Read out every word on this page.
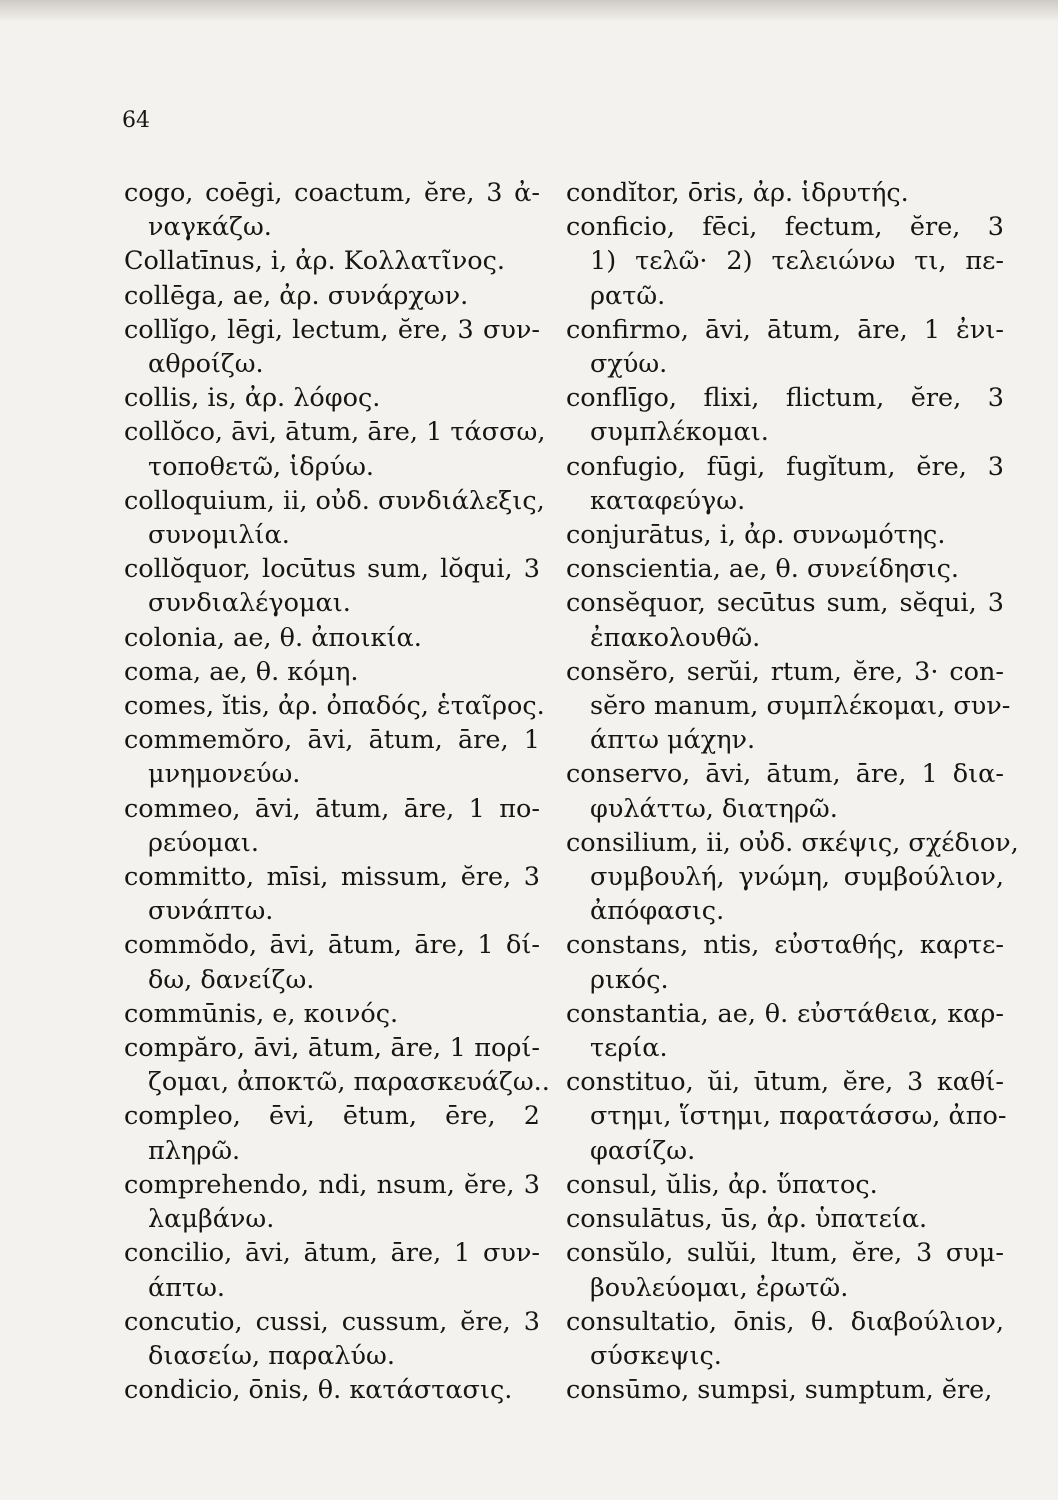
64
cogo, coēgi, coactum, ĕre, 3 ἀ-
ναγκάζω.
Collatīnus, i, ἀρ. Κολλατῖνος.
collēga, ae, ἀρ. συνάρχων.
collĭgo, lēgi, lectum, ĕre, 3 συν-
αθροίζω.
collis, is, ἀρ. λόφος.
collŏco, āvi, ātum, āre, 1 τάσσω,
τοποθετῶ, ἱδρύω.
colloquium, ii, οὐδ. συνδιάλεξις,
συνομιλία.
collŏquor, locūtus sum, lŏqui, 3
συνδιαλέγομαι.
colonia, ae, θ. ἀποικία.
coma, ae, θ. κόμη.
comes, ĭtis, ἀρ. ὀπαδός, ἑταῖρος.
commemŏro, āvi, ātum, āre, 1
μνημονεύω.
commeo, āvi, ātum, āre, 1 πο-
ρεύομαι.
committo, mīsi, missum, ĕre, 3
συνάπτω.
commŏdo, āvi, ātum, āre, 1 δί-
δω, δανείζω.
commūnis, e, κοινός.
compăro, āvi, ātum, āre, 1 πορί-
ζομαι, ἀποκτῶ, παρασκευάζω..
compleo, ēvi, ētum, ēre, 2
πληρῶ.
comprehendo, ndi, nsum, ĕre, 3
λαμβάνω.
concilio, āvi, ātum, āre, 1 συν-
άπτω.
concutio, cussi, cussum, ĕre, 3
διασείω, παραλύω.
condicio, ōnis, θ. κατάστασις.
condĭtor, ōris, ἀρ. ἱδρυτής.
conficio, fēci, fectum, ĕre, 3
1) τελῶ· 2) τελειώνω τι, πε-
ρατῶ.
confirmo, āvi, ātum, āre, 1 ἐνι-
σχύω.
conflīgo, flixi, flictum, ĕre, 3
συμπλέκομαι.
confugio, fūgi, fugĭtum, ĕre, 3
καταφεύγω.
conjurātus, i, ἀρ. συνωμότης.
conscientia, ae, θ. συνείδησις.
consĕquor, secūtus sum, sĕqui, 3
ἐπακολουθῶ.
consĕro, serŭi, rtum, ĕre, 3· con-
sĕro manum, συμπλέκομαι, συν-
άπτω μάχην.
conservo, āvi, ātum, āre, 1 δια-
φυλάττω, διατηρῶ.
consilium, ii, οὐδ. σκέψις, σχέδιον,
συμβουλή, γνώμη, συμβούλιον,
ἀπόφασις.
constans, ntis, εὐσταθής, καρτε-
ρικός.
constantia, ae, θ. εὐστάθεια, καρ-
τερία.
constituo, ŭi, ūtum, ĕre, 3 καθί-
στημι, ἵστημι, παρατάσσω, ἀπο-
φασίζω.
consul, ŭlis, ἀρ. ὕπατος.
consulātus, ūs, ἀρ. ὑπατεία.
consŭlo, sulŭi, ltum, ĕre, 3 συμ-
βουλεύομαι, ἐρωτῶ.
consultatio, ōnis, θ. διαβούλιον,
σύσκεψις.
consūmo, sumpsi, sumptum, ĕre,
